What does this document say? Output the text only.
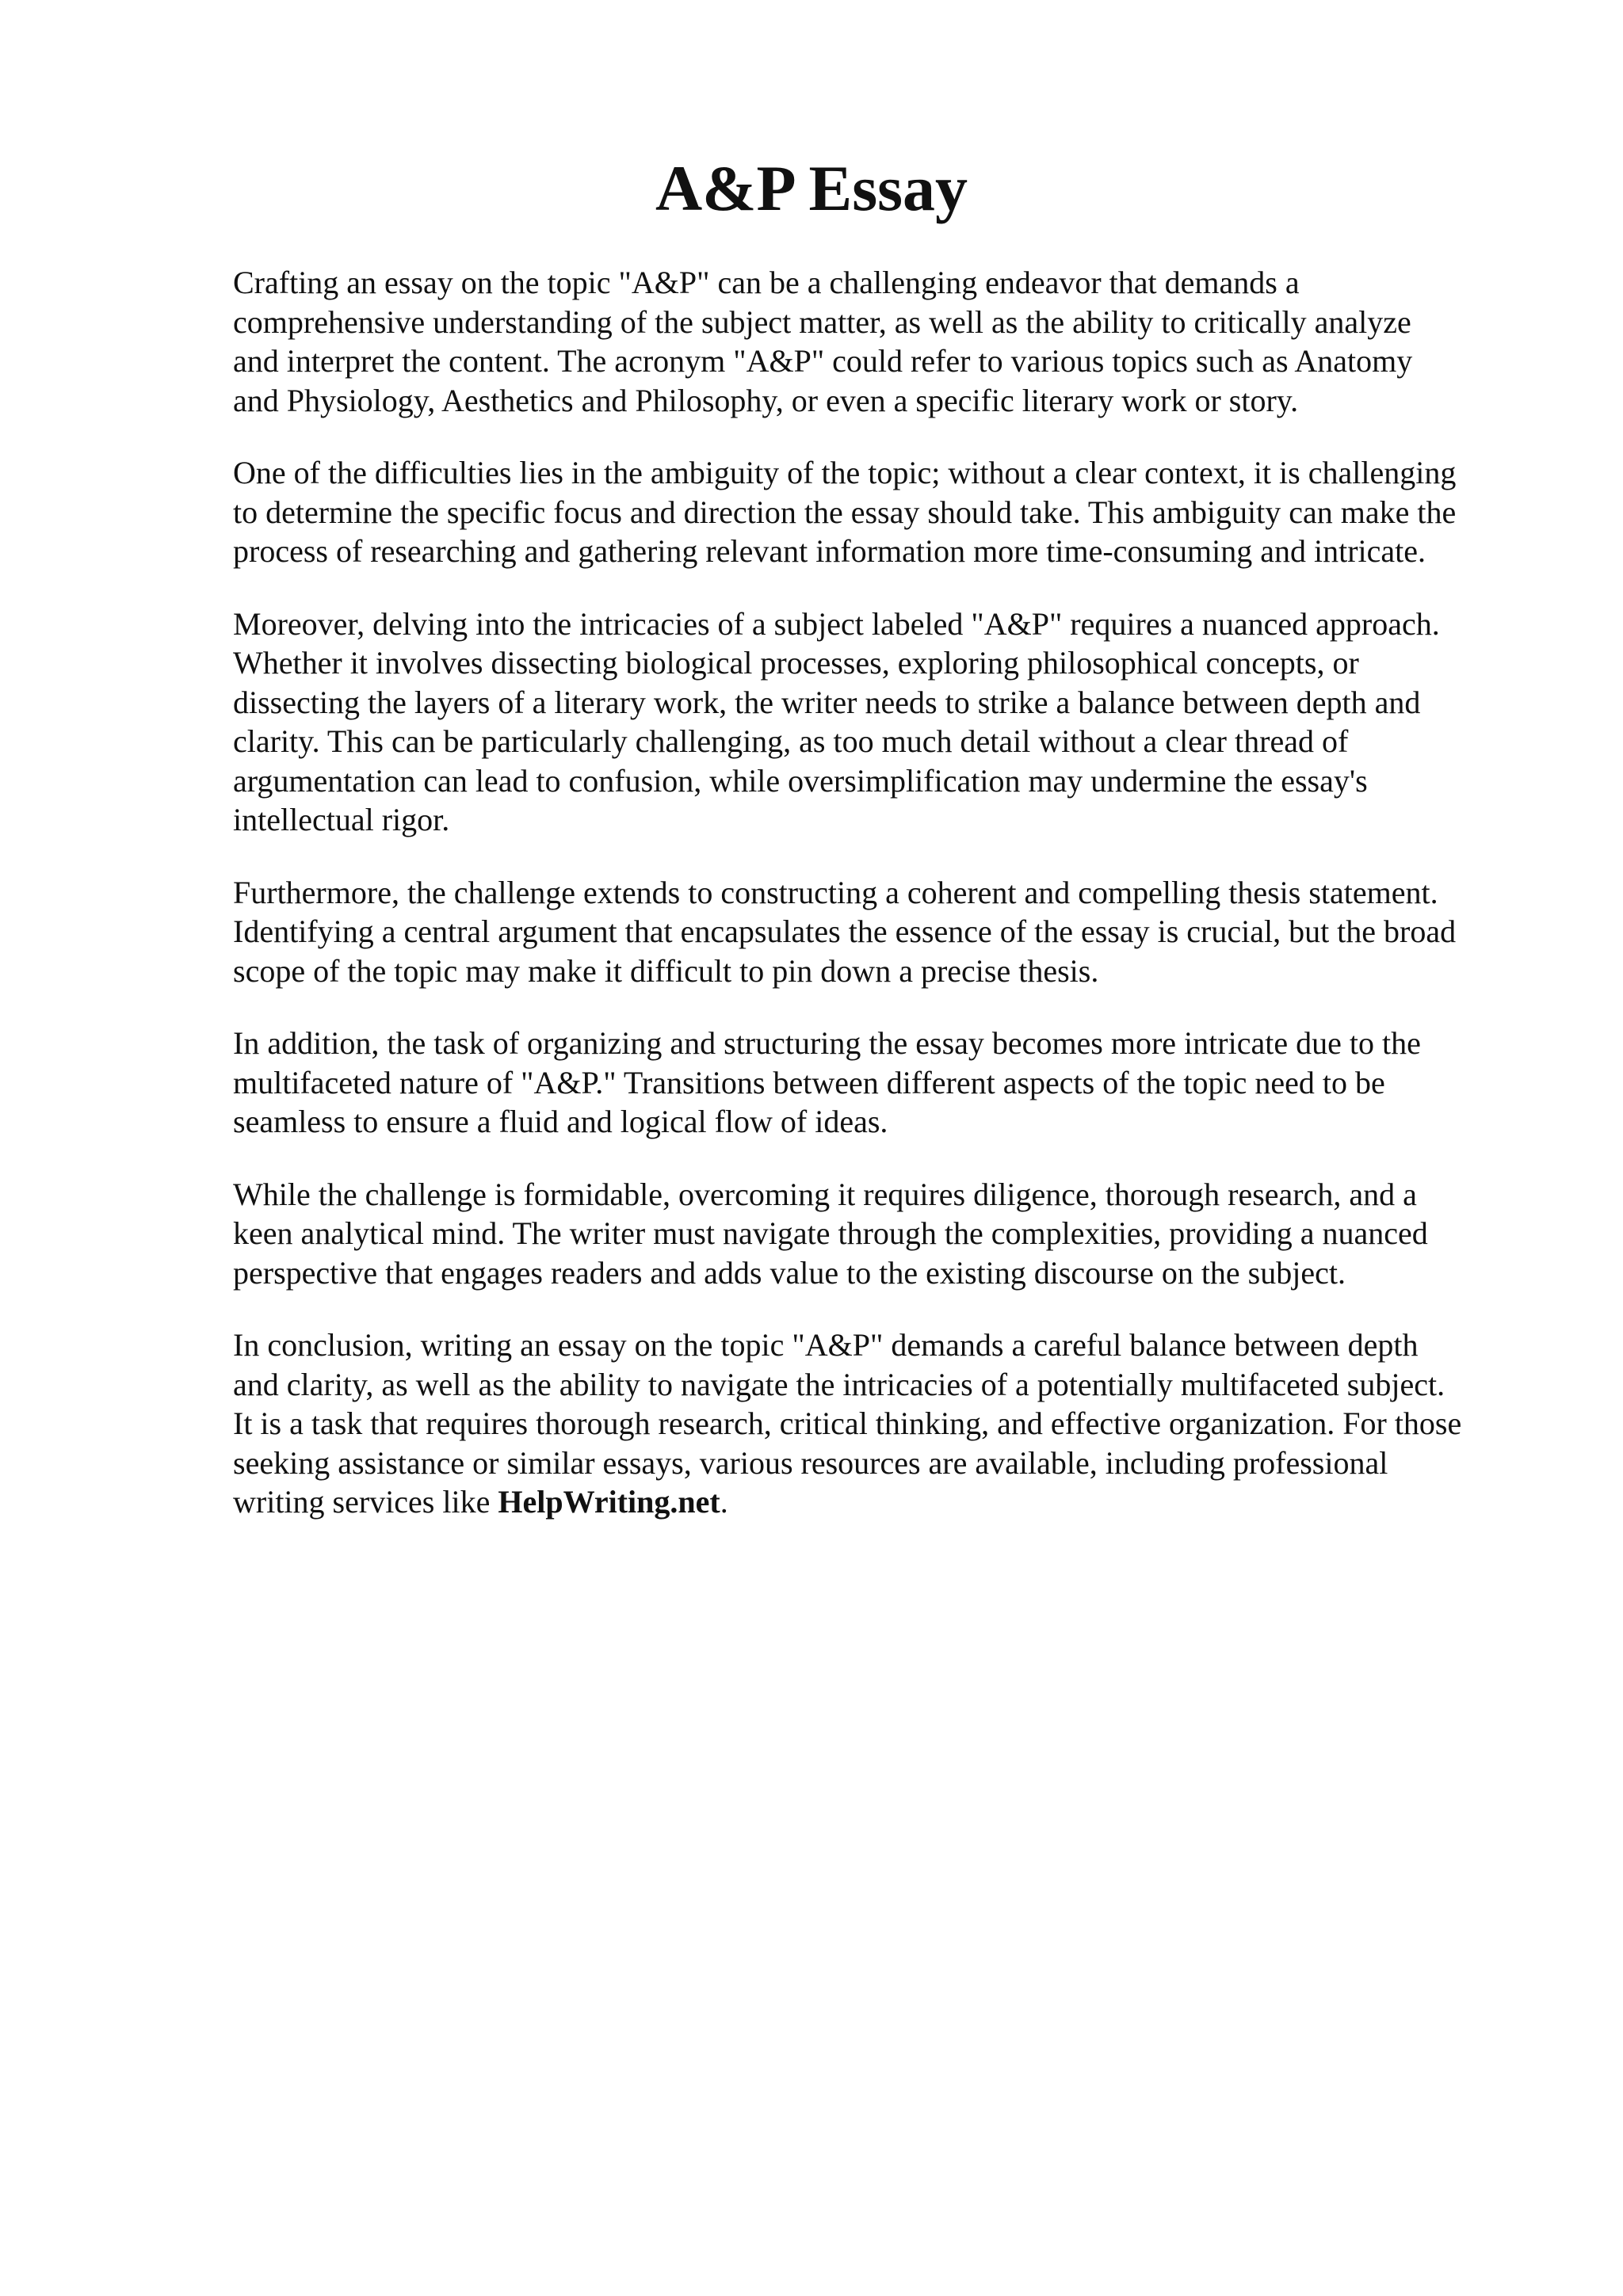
A&P Essay

Crafting an essay on the topic "A&P" can be a challenging endeavor that demands a
comprehensive understanding of the subject matter, as well as the ability to critically analyze
and interpret the content. The acronym "A&P" could refer to various topics such as Anatomy
and Physiology, Aesthetics and Philosophy, or even a specific literary work or story.

One of the difficulties lies in the ambiguity of the topic; without a clear context, it is challenging
to determine the specific focus and direction the essay should take. This ambiguity can make the
process of researching and gathering relevant information more time-consuming and intricate.

Moreover, delving into the intricacies of a subject labeled "A&P" requires a nuanced approach.
Whether it involves dissecting biological processes, exploring philosophical concepts, or
dissecting the layers of a literary work, the writer needs to strike a balance between depth and
clarity. This can be particularly challenging, as too much detail without a clear thread of
argumentation can lead to confusion, while oversimplification may undermine the essay's
intellectual rigor.

Furthermore, the challenge extends to constructing a coherent and compelling thesis statement.
Identifying a central argument that encapsulates the essence of the essay is crucial, but the broad
scope of the topic may make it difficult to pin down a precise thesis.

In addition, the task of organizing and structuring the essay becomes more intricate due to the
multifaceted nature of "A&P." Transitions between different aspects of the topic need to be
seamless to ensure a fluid and logical flow of ideas.

While the challenge is formidable, overcoming it requires diligence, thorough research, and a
keen analytical mind. The writer must navigate through the complexities, providing a nuanced
perspective that engages readers and adds value to the existing discourse on the subject.

In conclusion, writing an essay on the topic "A&P" demands a careful balance between depth
and clarity, as well as the ability to navigate the intricacies of a potentially multifaceted subject.
It is a task that requires thorough research, critical thinking, and effective organization. For those
seeking assistance or similar essays, various resources are available, including professional
writing services like HelpWriting.net.
